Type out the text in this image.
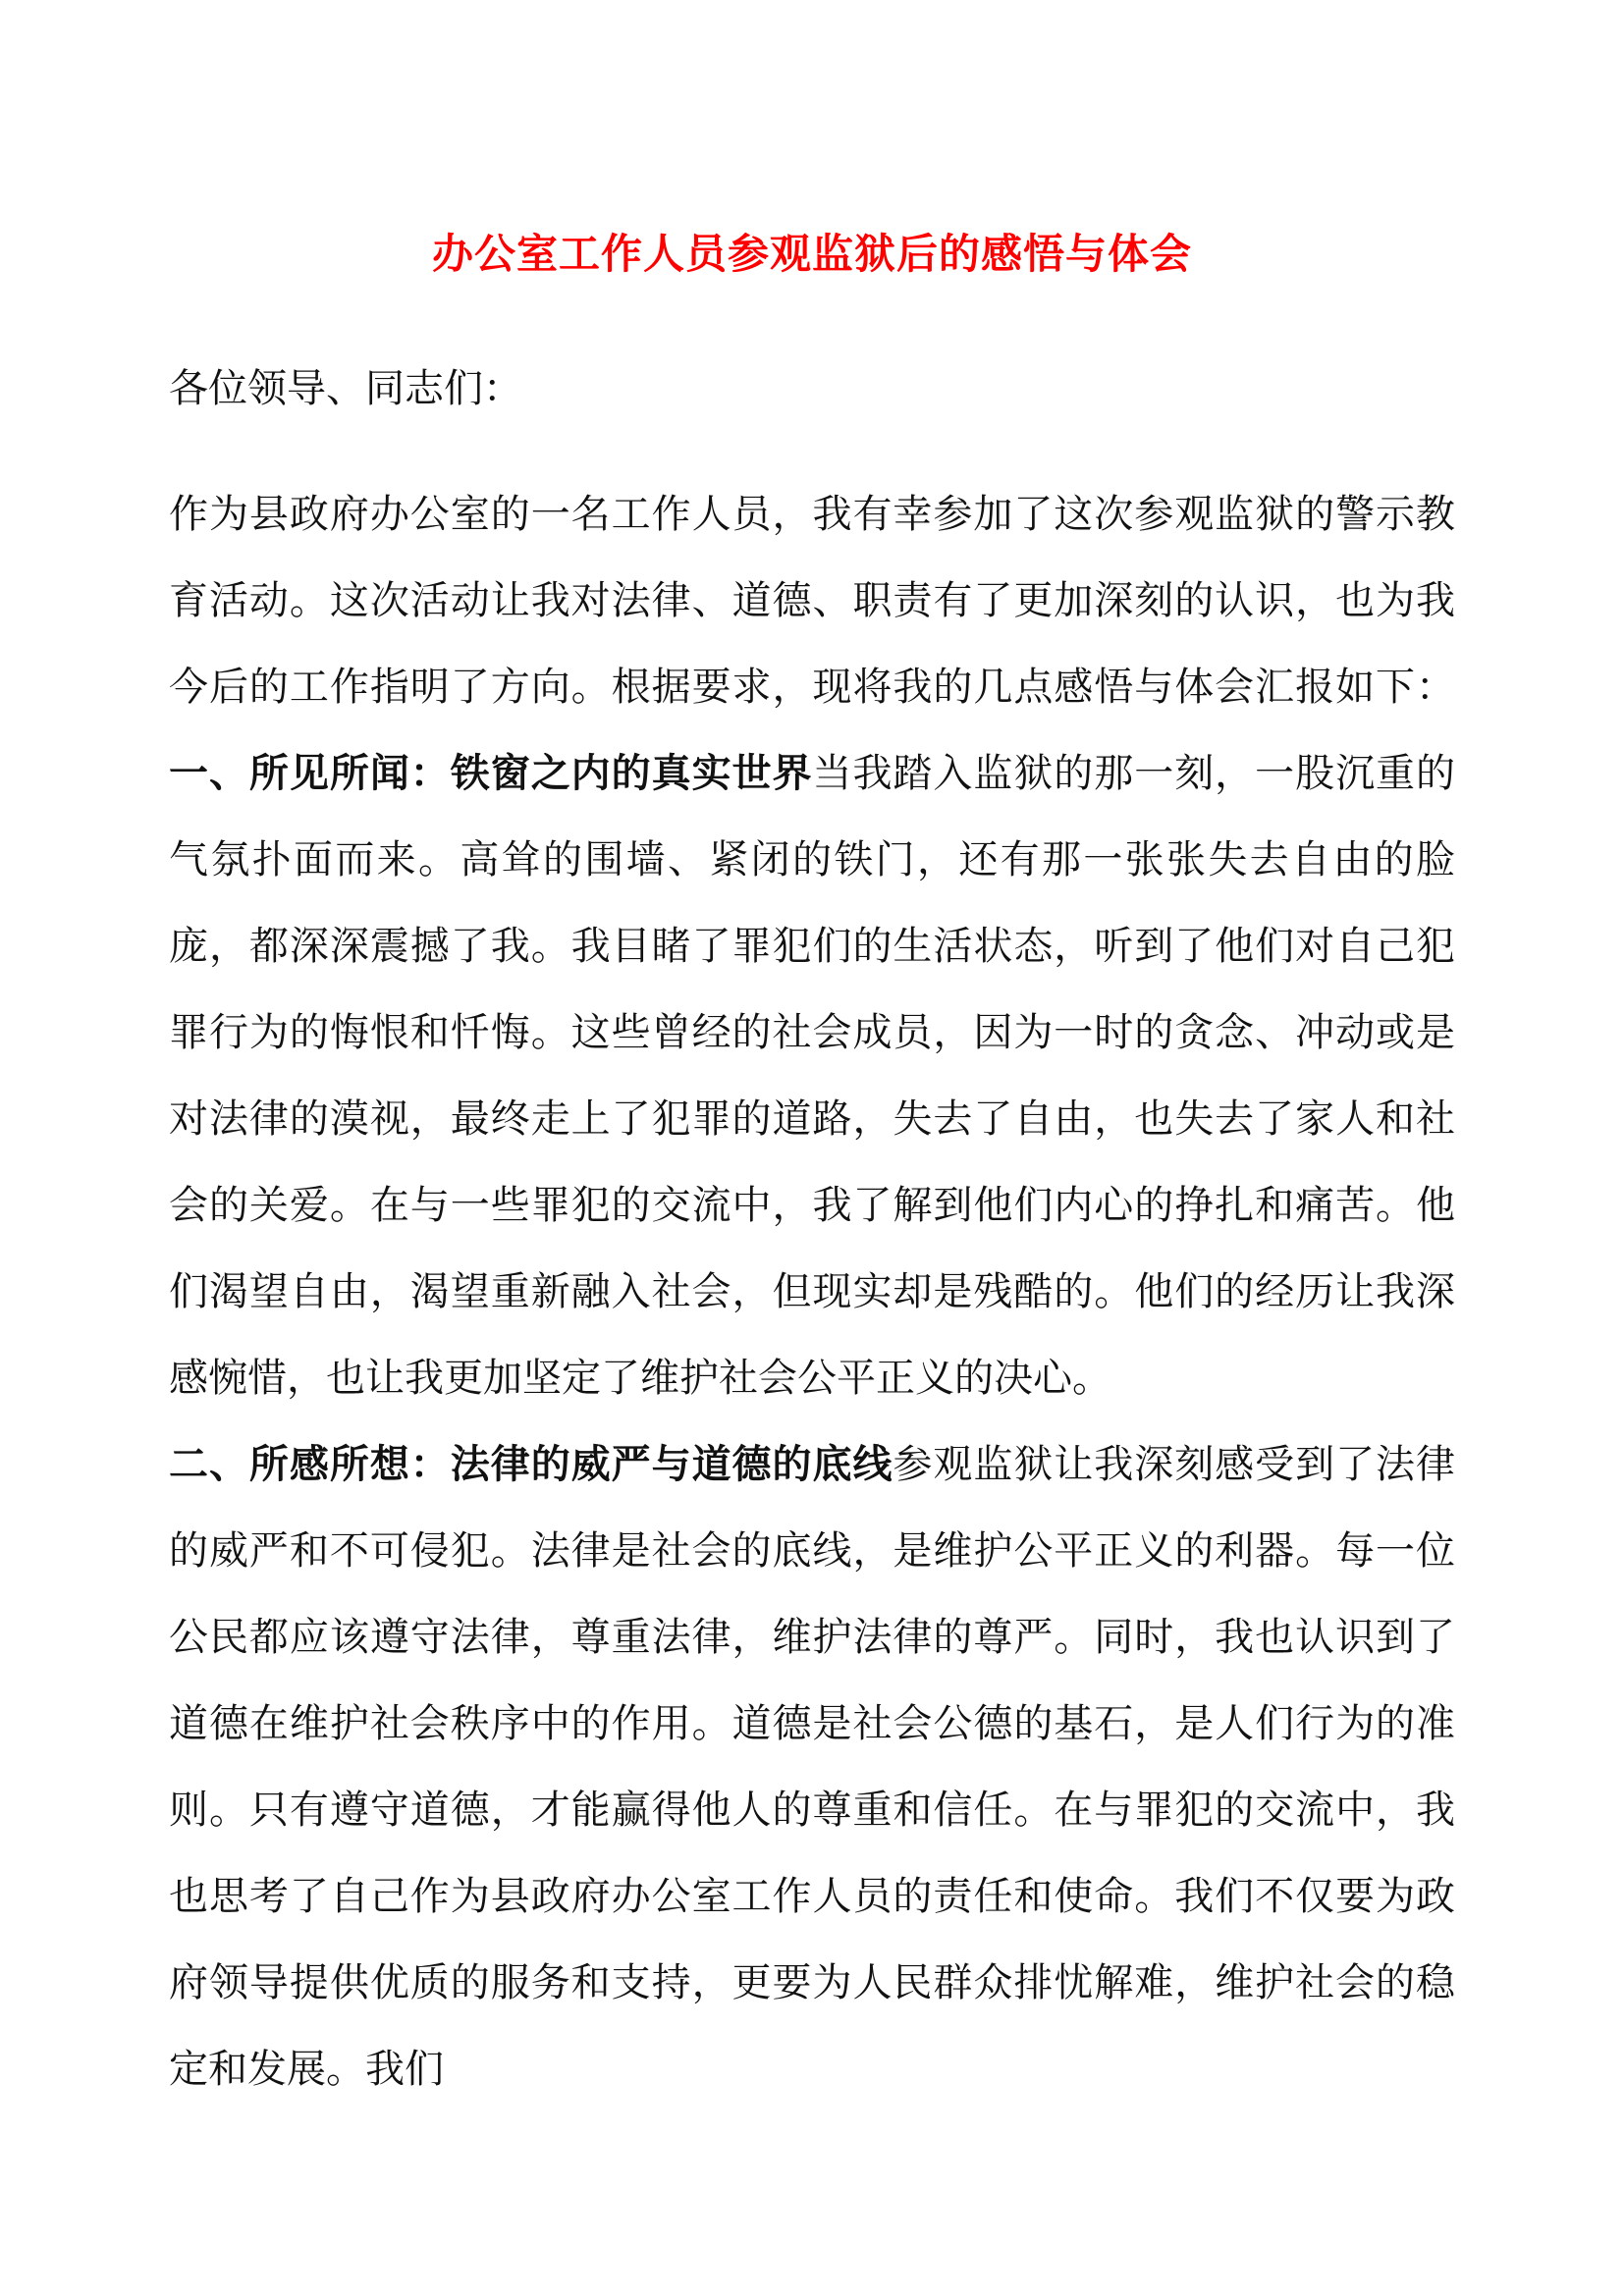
办公室工作人员参观监狱后的感悟与体会

各位领导、同志们：

作为县政府办公室的一名工作人员，我有幸参加了这次参观监狱的警示教育活动。这次活动让我对法律、道德、职责有了更加深刻的认识，也为我今后的工作指明了方向。根据要求，现将我的几点感悟与体会汇报如下：一、所见所闻：铁窗之内的真实世界当我踏入监狱的那一刻，一股沉重的气氛扑面而来。高耸的围墙、紧闭的铁门，还有那一张张失去自由的脸庞，都深深震撼了我。我目睹了罪犯们的生活状态，听到了他们对自己犯罪行为的悔恨和忏悔。这些曾经的社会成员，因为一时的贪念、冲动或是对法律的漠视，最终走上了犯罪的道路，失去了自由，也失去了家人和社会的关爱。在与一些罪犯的交流中，我了解到他们内心的挣扎和痛苦。他们渴望自由，渴望重新融入社会，但现实却是残酷的。他们的经历让我深感惋惜，也让我更加坚定了维护社会公平正义的决心。

二、所感所想：法律的威严与道德的底线参观监狱让我深刻感受到了法律的威严和不可侵犯。法律是社会的底线，是维护公平正义的利器。每一位公民都应该遵守法律，尊重法律，维护法律的尊严。同时，我也认识到了道德在维护社会秩序中的作用。道德是社会公德的基石，是人们行为的准则。只有遵守道德，才能赢得他人的尊重和信任。在与罪犯的交流中，我也思考了自己作为县政府办公室工作人员的责任和使命。我们不仅要为政府领导提供优质的服务和支持，更要为人民群众排忧解难，维护社会的稳定和发展。我们
